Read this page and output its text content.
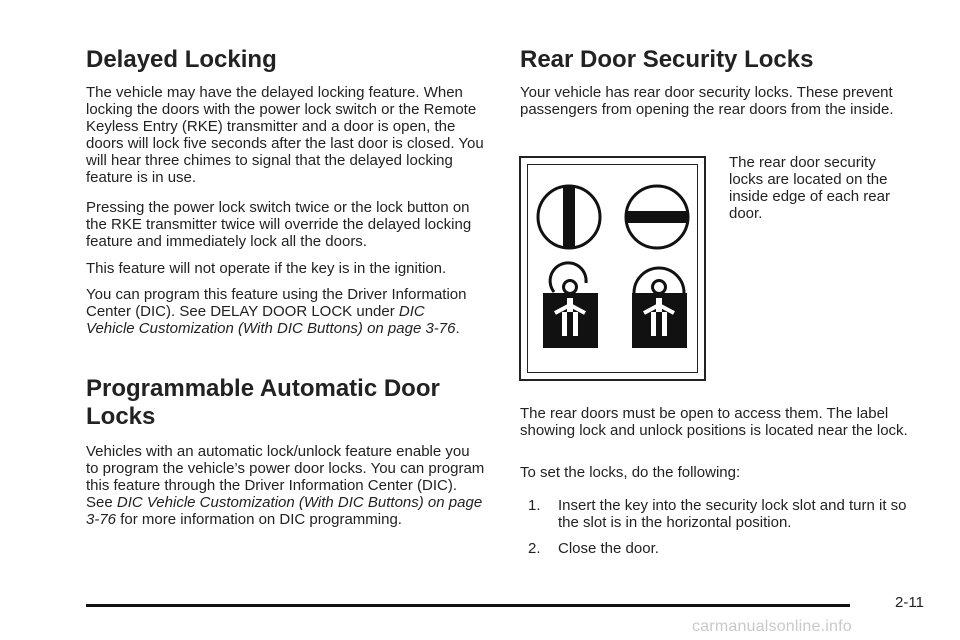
Delayed Locking

The vehicle may have the delayed locking feature. When locking the doors with the power lock switch or the Remote Keyless Entry (RKE) transmitter and a door is open, the doors will lock five seconds after the last door is closed. You will hear three chimes to signal that the delayed locking feature is in use.

Pressing the power lock switch twice or the lock button on the RKE transmitter twice will override the delayed locking feature and immediately lock all the doors.

This feature will not operate if the key is in the ignition.

You can program this feature using the Driver Information Center (DIC). See DELAY DOOR LOCK under DIC Vehicle Customization (With DIC Buttons) on page 3-76.

Programmable Automatic Door
Locks

Vehicles with an automatic lock/unlock feature enable you to program the vehicle’s power door locks. You can program this feature through the Driver Information Center (DIC). See DIC Vehicle Customization (With DIC Buttons) on page 3-76 for more information on DIC programming.

Rear Door Security Locks

Your vehicle has rear door security locks. These prevent passengers from opening the rear doors from the inside.

The rear door security locks are located on the inside edge of each rear door.

The rear doors must be open to access them. The label showing lock and unlock positions is located near the lock.

To set the locks, do the following:

1. Insert the key into the security lock slot and turn it so the slot is in the horizontal position.
2. Close the door.
2-11
carmanualsonline.info
